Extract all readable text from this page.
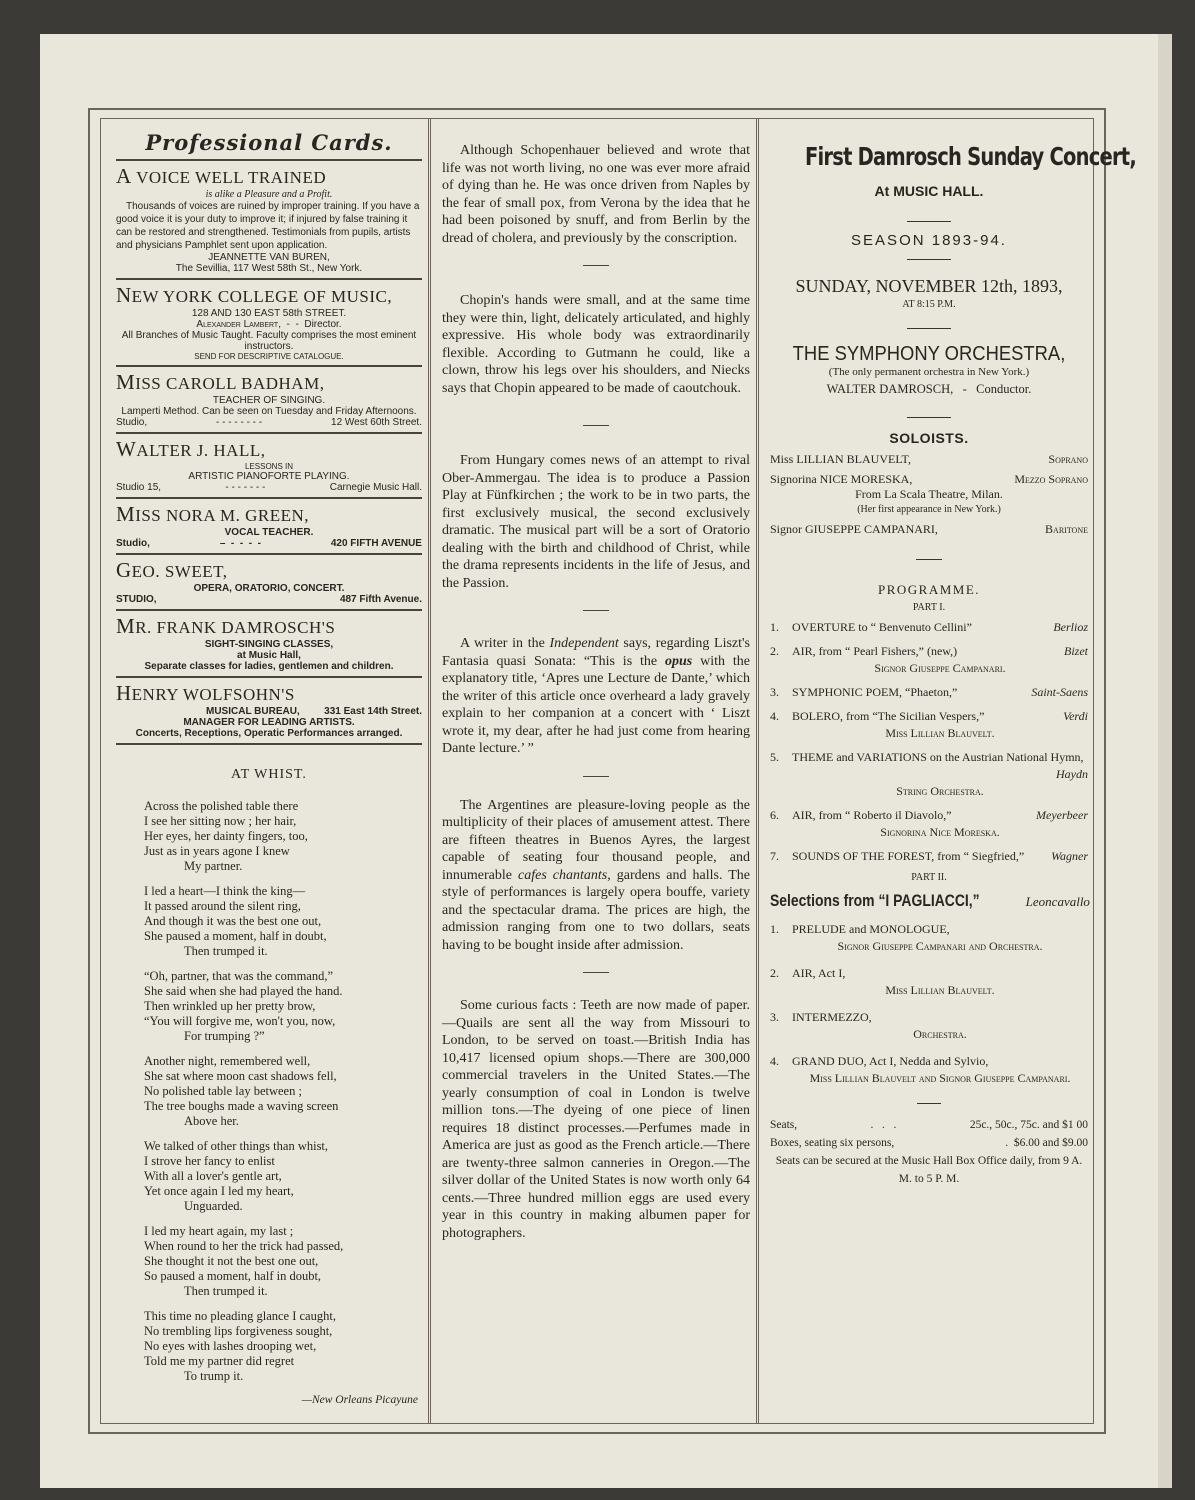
Professional Cards.
A VOICE WELL TRAINED
is alike a Pleasure and a Profit.
Thousands of voices are ruined by improper training. If you have a good voice it is your duty to improve it; if injured by false training it can be restored and strengthened. Testimonials from pupils, artists and physicians Pamphlet sent upon application.
JEANNETTE VAN BUREN,
The Sevillia, 117 West 58th St., New York.
NEW YORK COLLEGE OF MUSIC,
128 AND 130 EAST 58th STREET.
Alexander Lambert,  -  -  Director.
All Branches of Music Taught. Faculty comprises the most eminent instructors.
SEND FOR DESCRIPTIVE CATALOGUE.
MISS CAROLL BADHAM,
TEACHER OF SINGING.
Lamperti Method. Can be seen on Tuesday and Friday Afternoons.
Studio,	- - - - - - - -	12 West 60th Street.
WALTER J. HALL,
LESSONS IN
ARTISTIC PIANOFORTE PLAYING.
Studio 15,	- - - - - - -	Carnegie Music Hall.
MISS NORA M. GREEN,
VOCAL TEACHER.
Studio,	–  -  -  -  -	420 FIFTH AVENUE
GEO. SWEET,
OPERA, ORATORIO, CONCERT.
STUDIO,	487 Fifth Avenue.
MR. FRANK DAMROSCH'S
SIGHT-SINGING CLASSES,
at Music Hall,
Separate classes for ladies, gentlemen and children.
HENRY WOLFSOHN'S
MUSICAL BUREAU, 331 East 14th Street.
MANAGER FOR LEADING ARTISTS.
Concerts, Receptions, Operatic Performances arranged.
AT WHIST.
Across the polished table there
I see her sitting now ; her hair,
Her eyes, her dainty fingers, too,
Just as in years agone I knew
My partner.
I led a heart—I think the king—
It passed around the silent ring,
And though it was the best one out,
She paused a moment, half in doubt,
Then trumped it.
“Oh, partner, that was the command,”
She said when she had played the hand.
Then wrinkled up her pretty brow,
“You will forgive me, won't you, now,
For trumping ?”
Another night, remembered well,
She sat where moon cast shadows fell,
No polished table lay between ;
The tree boughs made a waving screen
Above her.
We talked of other things than whist,
I strove her fancy to enlist
With all a lover's gentle art,
Yet once again I led my heart,
Unguarded.
I led my heart again, my last ;
When round to her the trick had passed,
She thought it not the best one out,
So paused a moment, half in doubt,
Then trumped it.
This time no pleading glance I caught,
No trembling lips forgiveness sought,
No eyes with lashes drooping wet,
Told me my partner did regret
To trump it.
—New Orleans Picayune

Although Schopenhauer believed and wrote that life was not worth living, no one was ever more afraid of dying than he. He was once driven from Naples by the fear of small pox, from Verona by the idea that he had been poisoned by snuff, and from Berlin by the dread of cholera, and previously by the conscription.

Chopin's hands were small, and at the same time they were thin, light, delicately articulated, and highly expressive. His whole body was extraordinarily flexible. According to Gutmann he could, like a clown, throw his legs over his shoulders, and Niecks says that Chopin appeared to be made of caoutchouk.

From Hungary comes news of an attempt to rival Ober-Ammergau. The idea is to produce a Passion Play at Fünfkirchen ; the work to be in two parts, the first exclusively musical, the second exclusively dramatic. The musical part will be a sort of Oratorio dealing with the birth and childhood of Christ, while the drama represents incidents in the life of Jesus, and the Passion.

A writer in the Independent says, regarding Liszt's Fantasia quasi Sonata: “This is the opus with the explanatory title, ‘Apres une Lecture de Dante,’ which the writer of this article once overheard a lady gravely explain to her companion at a concert with ‘ Liszt wrote it, my dear, after he had just come from hearing Dante lecture.’ ”

The Argentines are pleasure-loving people as the multiplicity of their places of amusement attest. There are fifteen theatres in Buenos Ayres, the largest capable of seating four thousand people, and innumerable cafes chantants, gardens and halls. The style of performances is largely opera bouffe, variety and the spectacular drama. The prices are high, the admission ranging from one to two dollars, seats having to be bought inside after admission.

Some curious facts : Teeth are now made of paper.—Quails are sent all the way from Missouri to London, to be served on toast.—British India has 10,417 licensed opium shops.—There are 300,000 commercial travelers in the United States.—The yearly consumption of coal in London is twelve million tons.—The dyeing of one piece of linen requires 18 distinct processes.—Perfumes made in America are just as good as the French article.—There are twenty-three salmon canneries in Oregon.—The silver dollar of the United States is now worth only 64 cents.—Three hundred million eggs are used every year in this country in making albumen paper for photographers.

First Damrosch Sunday Concert,
At MUSIC HALL.
SEASON 1893-94.
SUNDAY, NOVEMBER 12th, 1893,
AT 8:15 P.M.
THE SYMPHONY ORCHESTRA,
(The only permanent orchestra in New York.)
WALTER DAMROSCH,   -   Conductor.
SOLOISTS.
Miss LILLIAN BLAUVELT,	Soprano
Signorina NICE MORESKA,	Mezzo Soprano
From La Scala Theatre, Milan.
(Her first appearance in New York.)
Signor GIUSEPPE CAMPANARI,	Baritone
PROGRAMME.
PART I.
1.	OVERTURE to “ Benvenuto Cellini”	Berlioz
2.	AIR, from “ Pearl Fishers,” (new,)	Bizet
Signor Giuseppe Campanari.
3.	SYMPHONIC POEM, “Phaeton,”	Saint-Saens
4.	BOLERO, from “The Sicilian Vespers,”	Verdi
Miss Lillian Blauvelt.
5.	THEME and VARIATIONS on the Austrian National Hymn,
Haydn
String Orchestra.
6.	AIR, from “ Roberto il Diavolo,”	Meyerbeer
Signorina Nice Moreska.
7.	SOUNDS OF THE FOREST, from “ Siegfried,” Wagner
PART II.
Selections from “I PAGLIACCI,”	Leoncavallo
1.	PRELUDE and MONOLOGUE,
Signor Giuseppe Campanari and Orchestra.
2.	AIR, Act I,
Miss Lillian Blauvelt.
3.	INTERMEZZO,
Orchestra.
4.	GRAND DUO, Act I, Nedda and Sylvio,
Miss Lillian Blauvelt and Signor Giuseppe Campanari.
Seats,	.   .   .	25c., 50c., 75c. and $1 00
Boxes, seating six persons,	.  $6.00 and $9.00
Seats can be secured at the Music Hall Box Office daily, from 9 A. M. to 5 P. M.
